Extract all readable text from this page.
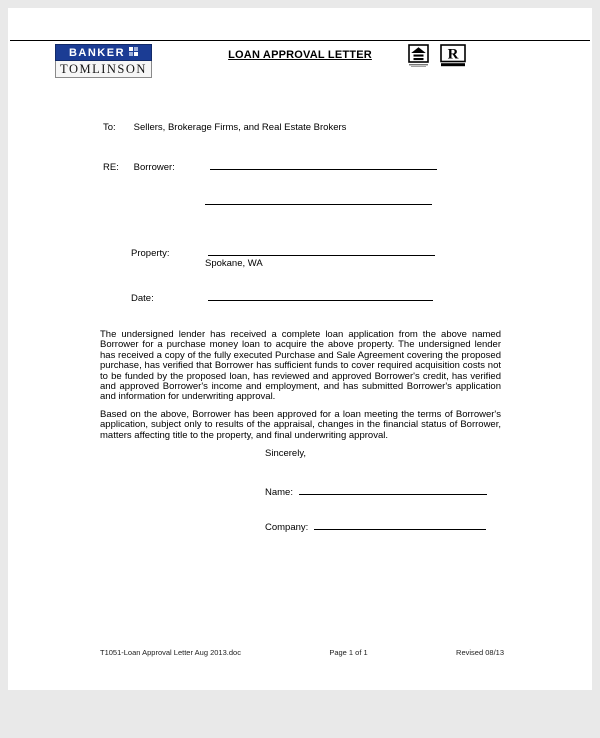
BANKER
TOMLINSON
LOAN APPROVAL LETTER	R
To: Sellers, Brokerage Firms, and Real Estate Brokers
RE: Borrower:
Property:
Spokane, WA
Date:

The undersigned lender has received a complete loan application from the above named Borrower for a purchase money loan to acquire the above property. The undersigned lender has received a copy of the fully executed Purchase and Sale Agreement covering the proposed purchase, has verified that Borrower has sufficient funds to cover required acquisition costs not to be funded by the proposed loan, has reviewed and approved Borrower's credit, has verified and approved Borrower's income and employment, and has submitted Borrower's application and information for underwriting approval.

Based on the above, Borrower has been approved for a loan meeting the terms of Borrower's application, subject only to results of the appraisal, changes in the financial status of Borrower, matters affecting title to the property, and final underwriting approval.

Sincerely,
Name:
Company:
T1051-Loan Approval Letter Aug 2013.doc	Page 1 of 1	Revised 08/13
